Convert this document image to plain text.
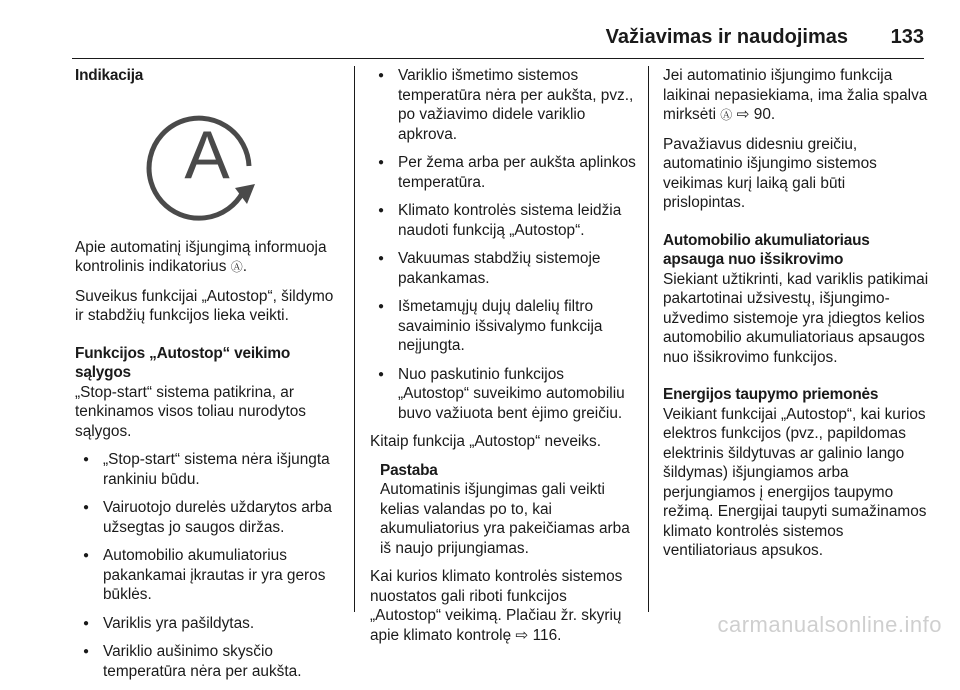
Važiavimas ir naudojimas 133
Indikacija
A
Apie automatinį išjungimą informuoja kontrolinis indikatorius Ⓐ.
Suveikus funkcijai „Autostop“, šildymo ir stabdžių funkcijos lieka veikti.
Funkcijos „Autostop“ veikimo sąlygos
„Stop-start“ sistema patikrina, ar tenkinamos visos toliau nurodytos sąlygos.
● „Stop-start“ sistema nėra išjungta rankiniu būdu.
● Vairuotojo durelės uždarytos arba užsegtas jo saugos diržas.
● Automobilio akumuliatorius pakankamai įkrautas ir yra geros būklės.
● Variklis yra pašildytas.
● Variklio aušinimo skysčio temperatūra nėra per aukšta.
● Variklio išmetimo sistemos temperatūra nėra per aukšta, pvz., po važiavimo didele variklio apkrova.
● Per žema arba per aukšta aplinkos temperatūra.
● Klimato kontrolės sistema leidžia naudoti funkciją „Autostop“.
● Vakuumas stabdžių sistemoje pakankamas.
● Išmetamųjų dujų dalelių filtro savaiminio išsivalymo funkcija neįjungta.
● Nuo paskutinio funkcijos „Autostop“ suveikimo automobiliu buvo važiuota bent ėjimo greičiu.
Kitaip funkcija „Autostop“ neveiks.
Pastaba
Automatinis išjungimas gali veikti kelias valandas po to, kai akumuliatorius yra pakeičiamas arba iš naujo prijungiamas.
Kai kurios klimato kontrolės sistemos nuostatos gali riboti funkcijos „Autostop“ veikimą. Plačiau žr. skyrių apie klimato kontrolę ⇨ 116.
Jei automatinio išjungimo funkcija laikinai nepasiekiama, ima žalia spalva mirksėti Ⓐ ⇨ 90.
Pavažiavus didesniu greičiu, automatinio išjungimo sistemos veikimas kurį laiką gali būti prislopintas.
Automobilio akumuliatoriaus apsauga nuo išsikrovimo
Siekiant užtikrinti, kad variklis patikimai pakartotinai užsivestų, išjungimo-užvedimo sistemoje yra įdiegtos kelios automobilio akumuliatoriaus apsaugos nuo išsikrovimo funkcijos.
Energijos taupymo priemonės
Veikiant funkcijai „Autostop“, kai kurios elektros funkcijos (pvz., papildomas elektrinis šildytuvas ar galinio lango šildymas) išjungiamos arba perjungiamos į energijos taupymo režimą. Energijai taupyti sumažinamos klimato kontrolės sistemos ventiliatoriaus apsukos.
carmanualsonline.info
